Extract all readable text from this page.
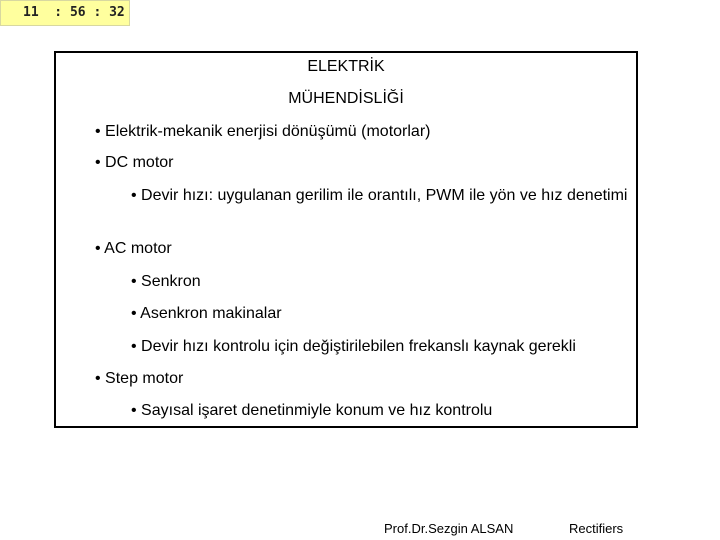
11  : 56 : 32
ELEKTRİK
MÜHENDİSLİĞİ
• Elektrik-mekanik enerjisi dönüşümü (motorlar)
• DC motor
• Devir hızı: uygulanan gerilim ile orantılı, PWM ile yön ve hız denetimi
• AC motor
• Senkron
• Asenkron makinalar
• Devir hızı kontrolu için değiştirilebilen frekanslı kaynak gerekli
• Step motor
• Sayısal işaret denetinmiyle konum ve hız kontrolu
Prof.Dr.Sezgin ALSAN	Rectifiers
